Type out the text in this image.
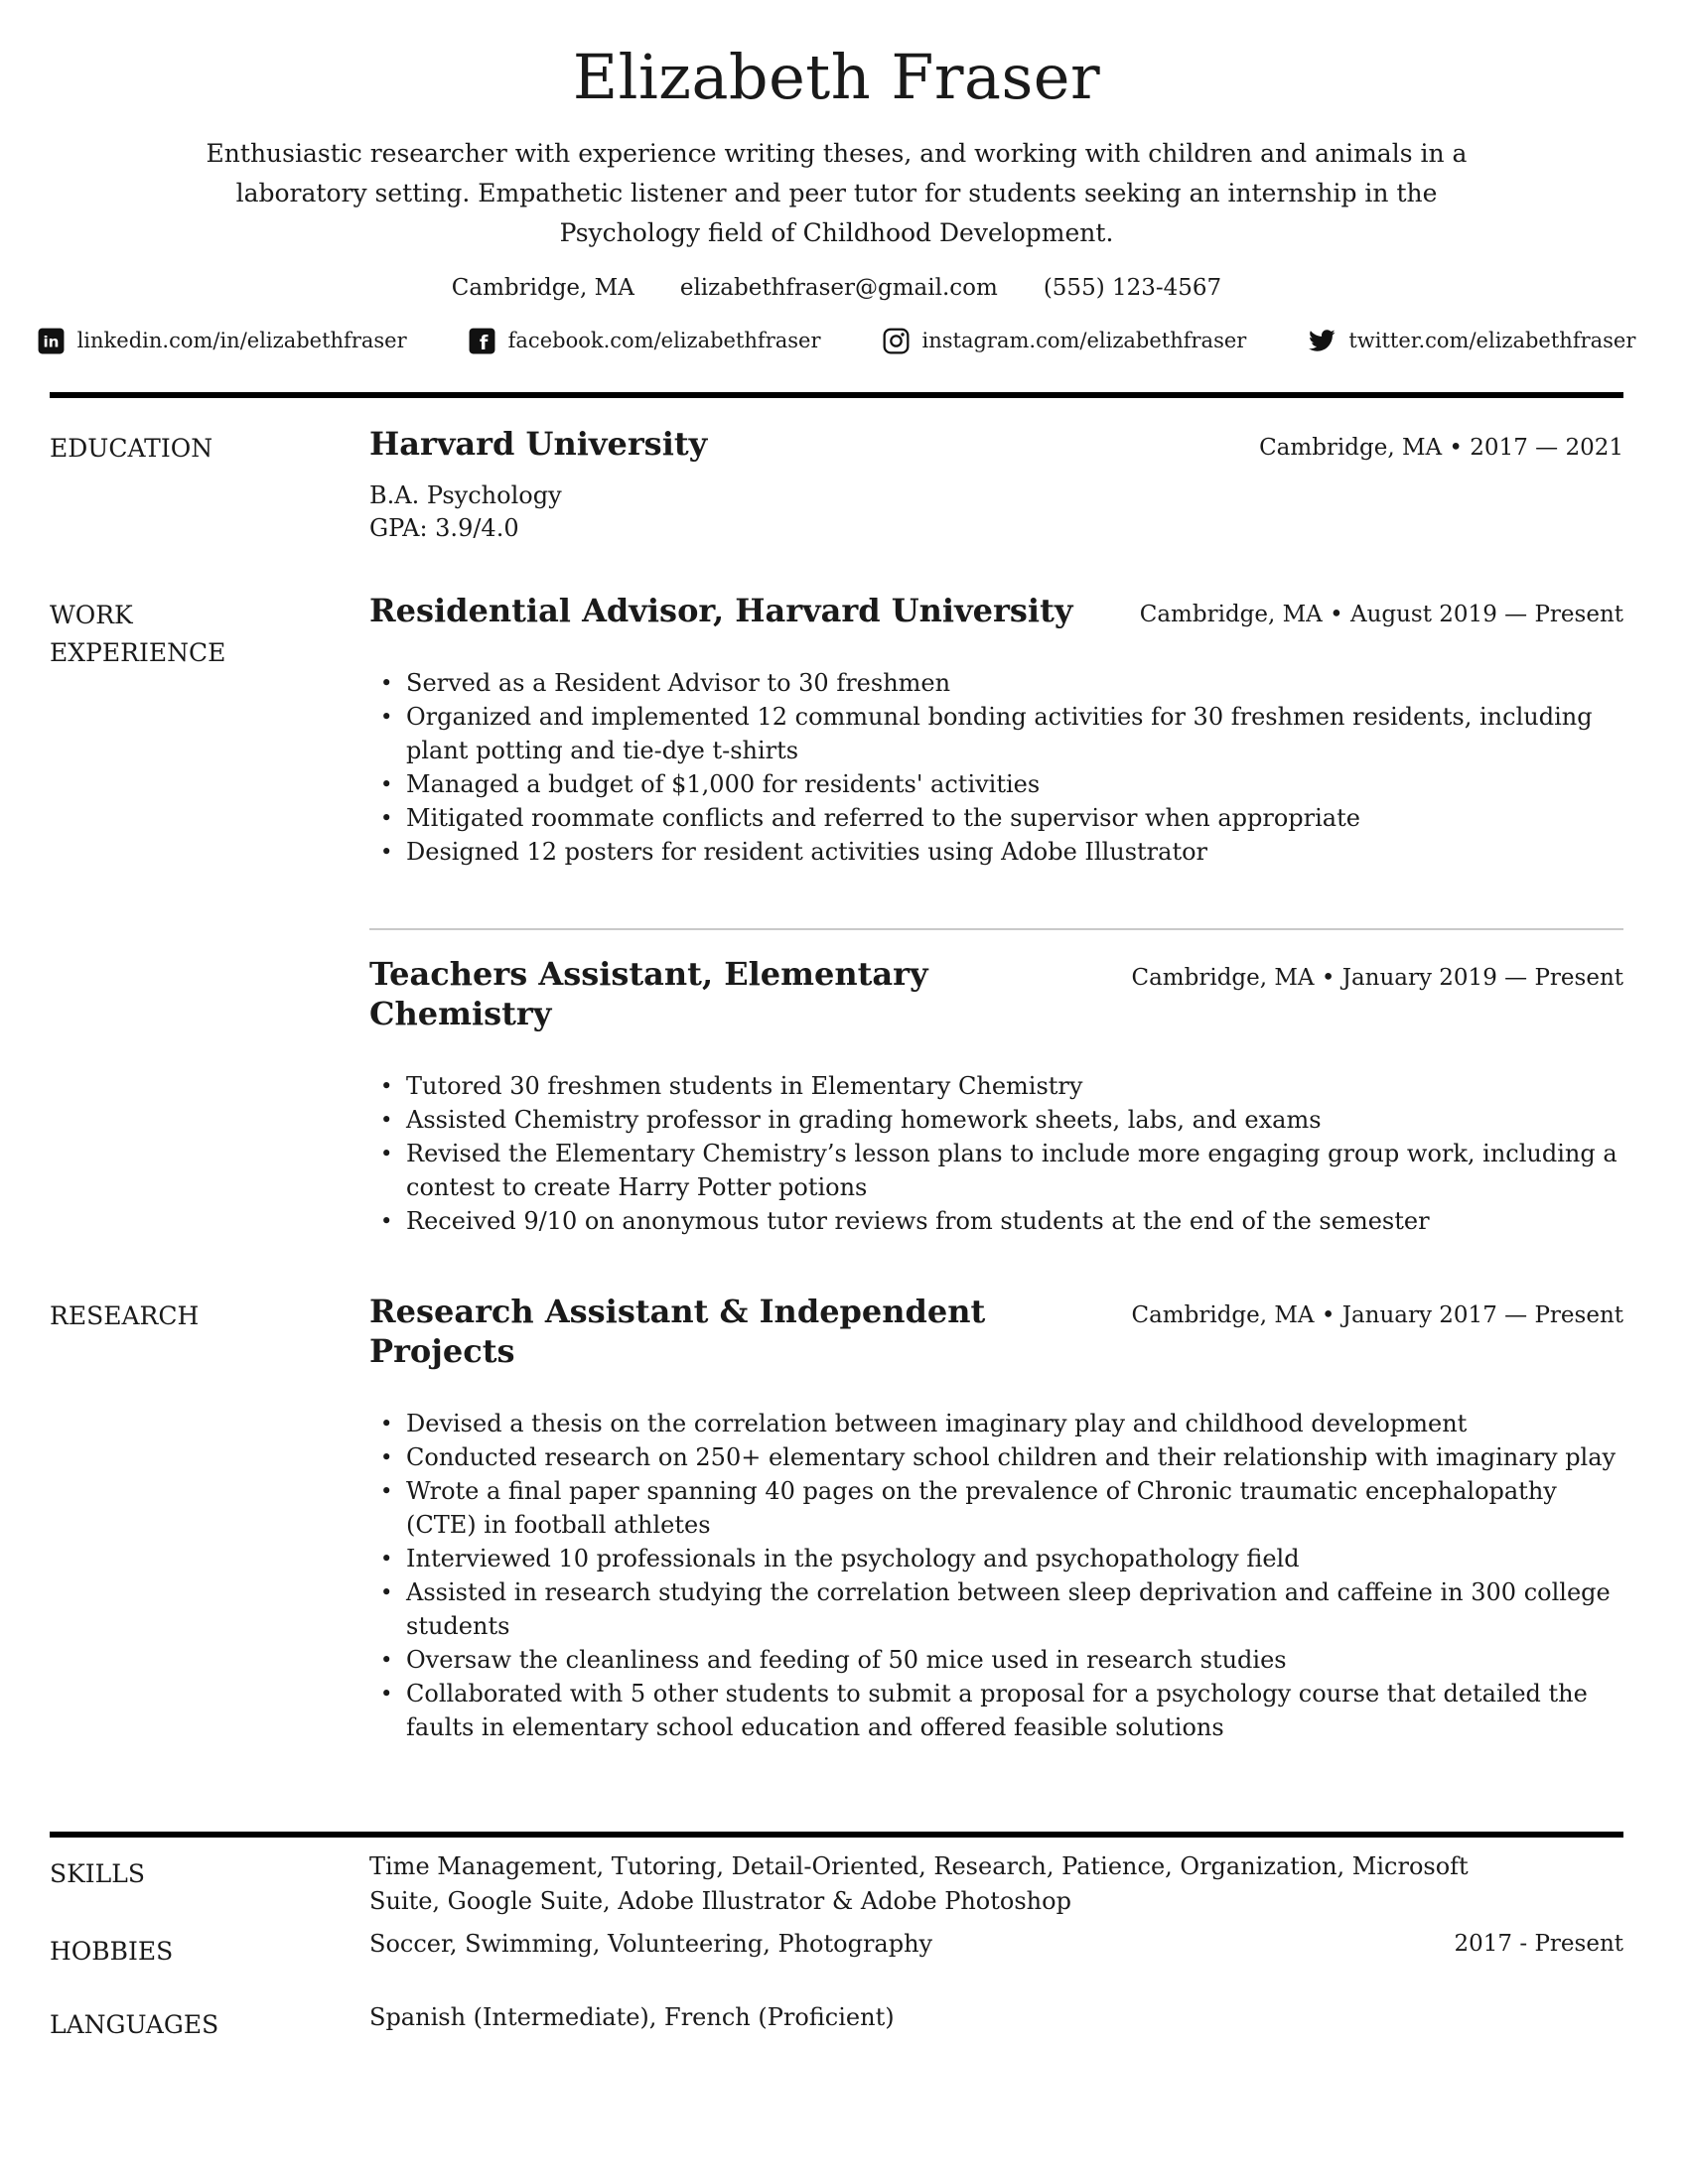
Elizabeth Fraser

Enthusiastic researcher with experience writing theses, and working with children and animals in a laboratory setting. Empathetic listener and peer tutor for students seeking an internship in the Psychology field of Childhood Development.

Cambridge, MA elizabethfraser@gmail.com (555) 123-4567
in linkedin.com/in/elizabethfraser	f facebook.com/elizabethfraser	instagram.com/elizabethfraser	twitter.com/elizabethfraser
EDUCATION	Harvard University	Cambridge, MA • 2017 — 2021

B.A. Psychology

GPA: 3.9/4.0

WORK EXPERIENCE
Residential Advisor, Harvard University	Cambridge, MA • August 2019 — Present
• Served as a Resident Advisor to 30 freshmen
• Organized and implemented 12 communal bonding activities for 30 freshmen residents, including plant potting and tie-dye t-shirts
• Managed a budget of $1,000 for residents' activities
• Mitigated roommate conflicts and referred to the supervisor when appropriate
• Designed 12 posters for resident activities using Adobe Illustrator
Teachers Assistant, Elementary Chemistry
Cambridge, MA • January 2019 — Present
• Tutored 30 freshmen students in Elementary Chemistry
• Assisted Chemistry professor in grading homework sheets, labs, and exams
• Revised the Elementary Chemistry’s lesson plans to include more engaging group work, including a contest to create Harry Potter potions
• Received 9/10 on anonymous tutor reviews from students at the end of the semester
RESEARCH	Research Assistant & Independent Projects
Cambridge, MA • January 2017 — Present
• Devised a thesis on the correlation between imaginary play and childhood development
• Conducted research on 250+ elementary school children and their relationship with imaginary play
• Wrote a final paper spanning 40 pages on the prevalence of Chronic traumatic encephalopathy (CTE) in football athletes
• Interviewed 10 professionals in the psychology and psychopathology field
• Assisted in research studying the correlation between sleep deprivation and caffeine in 300 college students
• Oversaw the cleanliness and feeding of 50 mice used in research studies
• Collaborated with 5 other students to submit a proposal for a psychology course that detailed the faults in elementary school education and offered feasible solutions
SKILLS	Time Management, Tutoring, Detail-Oriented, Research, Patience, Organization, Microsoft Suite, Google Suite, Adobe Illustrator & Adobe Photoshop
HOBBIES	Soccer, Swimming, Volunteering, Photography	2017 - Present
LANGUAGES	Spanish (Intermediate), French (Proficient)
